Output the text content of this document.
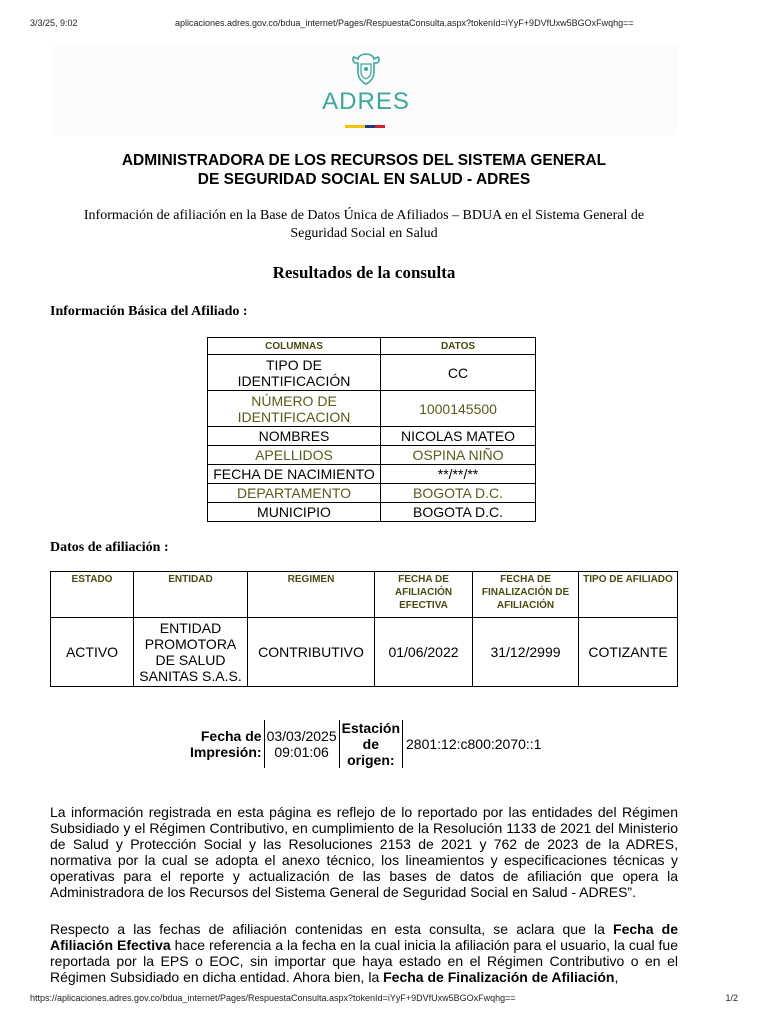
3/3/25, 9:02	aplicaciones.adres.gov.co/bdua_internet/Pages/RespuestaConsulta.aspx?tokenId=iYyF+9DVfUxw5BGOxFwqhg==
ADRES
ADMINISTRADORA DE LOS RECURSOS DEL SISTEMA GENERAL
DE SEGURIDAD SOCIAL EN SALUD - ADRES
Información de afiliación en la Base de Datos Única de Afiliados – BDUA en el Sistema General de
Seguridad Social en Salud
Resultados de la consulta
Información Básica del Afiliado :
COLUMNAS	DATOS
TIPO DE IDENTIFICACIÓN	CC
NÚMERO DE IDENTIFICACION	1000145500
NOMBRES	NICOLAS MATEO
APELLIDOS	OSPINA NIÑO
FECHA DE NACIMIENTO	**/**/**
DEPARTAMENTO	BOGOTA D.C.
MUNICIPIO	BOGOTA D.C.
Datos de afiliación :
ESTADO	ENTIDAD	REGIMEN	FECHA DE AFILIACIÓN EFECTIVA	FECHA DE FINALIZACIÓN DE AFILIACIÓN	TIPO DE AFILIADO
ACTIVO	ENTIDAD PROMOTORA DE SALUD SANITAS S.A.S.	CONTRIBUTIVO	01/06/2022	31/12/2999	COTIZANTE
Fecha de Impresión:	03/03/2025 09:01:06	Estación de origen:	2801:12:c800:2070::1
La información registrada en esta página es reflejo de lo reportado por las entidades del Régimen Subsidiado y el Régimen Contributivo, en cumplimiento de la Resolución 1133 de 2021 del Ministerio de Salud y Protección Social y las Resoluciones 2153 de 2021 y 762 de 2023 de la ADRES, normativa por la cual se adopta el anexo técnico, los lineamientos y especificaciones técnicas y operativas para el reporte y actualización de las bases de datos de afiliación que opera la Administradora de los Recursos del Sistema General de Seguridad Social en Salud - ADRES”.
Respecto a las fechas de afiliación contenidas en esta consulta, se aclara que la Fecha de Afiliación Efectiva hace referencia a la fecha en la cual inicia la afiliación para el usuario, la cual fue reportada por la EPS o EOC, sin importar que haya estado en el Régimen Contributivo o en el Régimen Subsidiado en dicha entidad. Ahora bien, la Fecha de Finalización de Afiliación,
https://aplicaciones.adres.gov.co/bdua_internet/Pages/RespuestaConsulta.aspx?tokenId=iYyF+9DVfUxw5BGOxFwqhg==	1/2
